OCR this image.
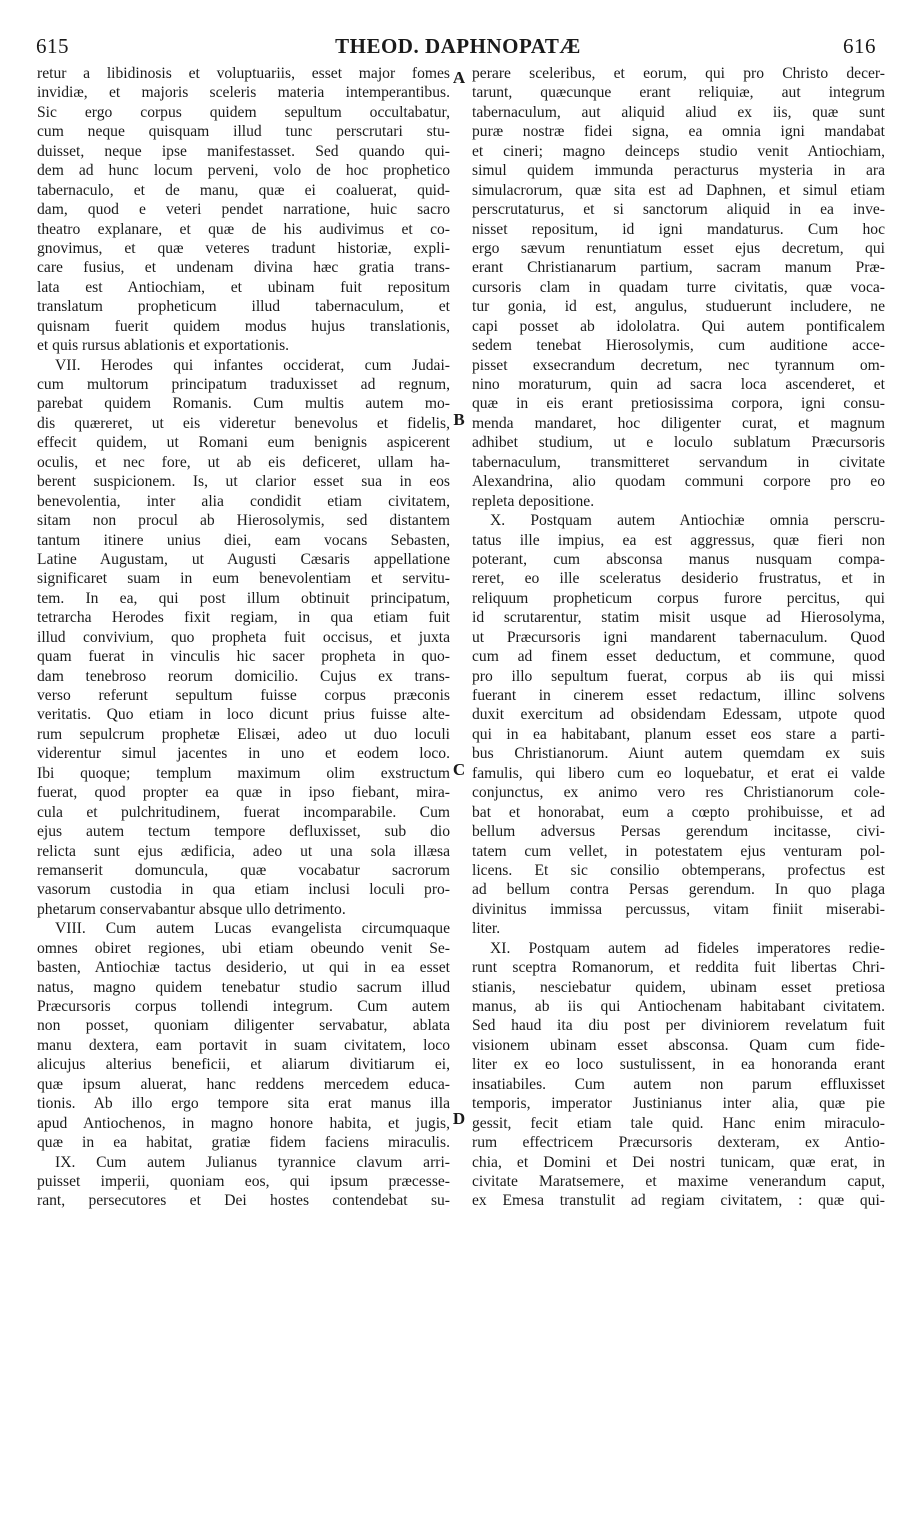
615	THEOD. DAPHNOPATÆ	616
retur a libidinosis et voluptuariis, esset major fomes
invidiæ, et majoris sceleris materia intemperantibus.
Sic ergo corpus quidem sepultum occultabatur,
cum neque quisquam illud tunc perscrutari stu-
duisset, neque ipse manifestasset. Sed quando qui-
dem ad hunc locum perveni, volo de hoc prophetico
tabernaculo, et de manu, quæ ei coaluerat, quid-
dam, quod e veteri pendet narratione, huic sacro
theatro explanare, et quæ de his audivimus et co-
gnovimus, et quæ veteres tradunt historiæ, expli-
care fusius, et undenam divina hæc gratia trans-
lata est Antiochiam, et ubinam fuit repositum
translatum propheticum illud tabernaculum, et
quisnam fuerit quidem modus hujus translationis,
et quis rursus ablationis et exportationis.
VII. Herodes qui infantes occiderat, cum Judai-
cum multorum principatum traduxisset ad regnum,
parebat quidem Romanis. Cum multis autem mo-
dis quæreret, ut eis videretur benevolus et fidelis,
effecit quidem, ut Romani eum benignis aspicerent
oculis, et nec fore, ut ab eis deficeret, ullam ha-
berent suspicionem. Is, ut clarior esset sua in eos
benevolentia, inter alia condidit etiam civitatem,
sitam non procul ab Hierosolymis, sed distantem
tantum itinere unius diei, eam vocans Sebasten,
Latine Augustam, ut Augusti Cæsaris appellatione
significaret suam in eum benevolentiam et servitu-
tem. In ea, qui post illum obtinuit principatum,
tetrarcha Herodes fixit regiam, in qua etiam fuit
illud convivium, quo propheta fuit occisus, et juxta
quam fuerat in vinculis hic sacer propheta in quo-
dam tenebroso reorum domicilio. Cujus ex trans-
verso referunt sepultum fuisse corpus præconis
veritatis. Quo etiam in loco dicunt prius fuisse alte-
rum sepulcrum prophetæ Elisæi, adeo ut duo loculi
viderentur simul jacentes in uno et eodem loco.
Ibi quoque; templum maximum olim exstructum
fuerat, quod propter ea quæ in ipso fiebant, mira-
cula et pulchritudinem, fuerat incomparabile. Cum
ejus autem tectum tempore defluxisset, sub dio
relicta sunt ejus ædificia, adeo ut una sola illæsa
remanserit domuncula, quæ vocabatur sacrorum
vasorum custodia in qua etiam inclusi loculi pro-
phetarum conservabantur absque ullo detrimento.
VIII. Cum autem Lucas evangelista circumquaque
omnes obiret regiones, ubi etiam obeundo venit Se-
basten, Antiochiæ tactus desiderio, ut qui in ea esset
natus, magno quidem tenebatur studio sacrum illud
Præcursoris corpus tollendi integrum. Cum autem
non posset, quoniam diligenter servabatur, ablata
manu dextera, eam portavit in suam civitatem, loco
alicujus alterius beneficii, et aliarum divitiarum ei,
quæ ipsum aluerat, hanc reddens mercedem educa-
tionis. Ab illo ergo tempore sita erat manus illa
apud Antiochenos, in magno honore habita, et jugis,
quæ in ea habitat, gratiæ fidem faciens miraculis.
IX. Cum autem Julianus tyrannice clavum arri-
puisset imperii, quoniam eos, qui ipsum præcesse-
rant, persecutores et Dei hostes contendebat su-
perare sceleribus, et eorum, qui pro Christo decer-
tarunt, quæcunque erant reliquiæ, aut integrum
tabernaculum, aut aliquid aliud ex iis, quæ sunt
puræ nostræ fidei signa, ea omnia igni mandabat
et cineri; magno deinceps studio venit Antiochiam,
simul quidem immunda peracturus mysteria in ara
simulacrorum, quæ sita est ad Daphnen, et simul etiam
perscrutaturus, et si sanctorum aliquid in ea inve-
nisset repositum, id igni mandaturus. Cum hoc
ergo sævum renuntiatum esset ejus decretum, qui
erant Christianarum partium, sacram manum Præ-
cursoris clam in quadam turre civitatis, quæ voca-
tur gonia, id est, angulus, studuerunt includere, ne
capi posset ab idololatra. Qui autem pontificalem
sedem tenebat Hierosolymis, cum auditione acce-
pisset exsecrandum decretum, nec tyrannum om-
nino moraturum, quin ad sacra loca ascenderet, et
quæ in eis erant pretiosissima corpora, igni consu-
menda mandaret, hoc diligenter curat, et magnum
adhibet studium, ut e loculo sublatum Præcursoris
tabernaculum, transmitteret servandum in civitate
Alexandrina, alio quodam communi corpore pro eo
repleta depositione.
X. Postquam autem Antiochiæ omnia perscru-
tatus ille impius, ea est aggressus, quæ fieri non
poterant, cum absconsa manus nusquam compa-
reret, eo ille sceleratus desiderio frustratus, et in
reliquum propheticum corpus furore percitus, qui
id scrutarentur, statim misit usque ad Hierosolyma,
ut Præcursoris igni mandarent tabernaculum. Quod
cum ad finem esset deductum, et commune, quod
pro illo sepultum fuerat, corpus ab iis qui missi
fuerant in cinerem esset redactum, illinc solvens
duxit exercitum ad obsidendam Edessam, utpote quod
qui in ea habitabant, planum esset eos stare a parti-
bus Christianorum. Aiunt autem quemdam ex suis
famulis, qui libero cum eo loquebatur, et erat ei valde
conjunctus, ex animo vero res Christianorum cole-
bat et honorabat, eum a cœpto prohibuisse, et ad
bellum adversus Persas gerendum incitasse, civi-
tatem cum vellet, in potestatem ejus venturam pol-
licens. Et sic consilio obtemperans, profectus est
ad bellum contra Persas gerendum. In quo plaga
divinitus immissa percussus, vitam finiit miserabi-
liter.
XI. Postquam autem ad fideles imperatores redie-
runt sceptra Romanorum, et reddita fuit libertas Chri-
stianis, nesciebatur quidem, ubinam esset pretiosa
manus, ab iis qui Antiochenam habitabant civitatem.
Sed haud ita diu post per diviniorem revelatum fuit
visionem ubinam esset absconsa. Quam cum fide-
liter ex eo loco sustulissent, in ea honoranda erant
insatiabiles. Cum autem non parum effluxisset
temporis, imperator Justinianus inter alia, quæ pie
gessit, fecit etiam tale quid. Hanc enim miraculo-
rum effectricem Præcursoris dexteram, ex Antio-
chia, et Domini et Dei nostri tunicam, quæ erat, in
civitate Maratsemere, et maxime venerandum caput,
ex Emesa transtulit ad regiam civitatem, : quæ qui-
A
B
C
D
